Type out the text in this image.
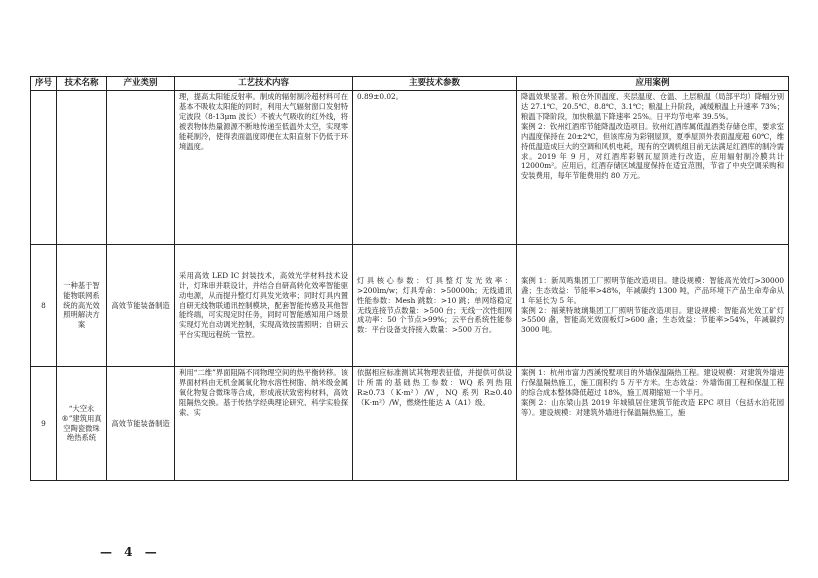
序号	技术名称	产业类别	工艺技术内容	主要技术参数	应用案例
			理，提高太阳能反射率。制成的辐射制冷超材料可在基本不吸收太阳能的同时，利用大气辐射窗口发射特定波段（8-13μm 波长）不被大气吸收的红外线，将被表物体热量源源不断地传递至低温外太空，实现零能耗制冷，使得表面温度即便在太阳直射下仍低于环境温度。	0.89±0.02。	降温效果显著。粮仓外顶温度、夹层温度、仓温、上层粮温（局部平均）降幅分别达 27.1℃、20.5℃、8.8℃、3.1℃；粮温上升阶段，减缓粮温上升速率 73%；粮温下降阶段，加快粮温下降速率 25%。日平均节电率 39.5%。
案例 2：钦州红酒库节能降温改造项目。钦州红酒库属低温酒类存储仓库，要求室内温度保持在 20±2℃，但该库房为彩钢屋顶，夏季屋顶外表面温度超 60℃，维持低温造成巨大的空调和风机电耗，现有的空调机组目前无法满足红酒库的制冷需求。2019 年 9 月，对红酒库彩钢瓦屋顶进行改造，应用辐射制冷膜共计 12000m²。应用后，红酒存储区域温度保持在适宜范围，节省了中央空调采购和安装费用，每年节能费用约 80 万元。
8	一种基于智能物联网系统的高光效照明解决方案	高效节能装备制造	采用高效 LED IC 封装技术，高效光学材料技术设计，灯珠串并联设计，并结合自研高转化效率智能驱动电源，从而提升整灯灯具发光效率；同时灯具内置自研无线物联通讯控制模块，配套智能传感及其他智能终端，可实现定时任务，同时可智能感知用户场景实现灯光自动调光控制，实现高效按需照明；自研云平台实现远程统一管控。	灯具核心参数：灯具整灯发光效率：>200lm/w；灯具寿命：>50000h；无线通讯性能参数：Mesh 跳数：>10 跳；单网络稳定无线连接节点数量：>500 台；无线一次性组网成功率：50 个节点>99%；云平台系统性能参数：平台设备支持接入数量：>500 万台。	案例 1：新凤鸣集团工厂照明节能改造项目。建设规模：智能高光效灯>30000 盏；生态效益：节能率>48%，年减碳约 1300 吨，产品环境下产品生命寿命从 1 年延长为 5 年。
案例 2：福莱特玻璃集团工厂照明节能改造项目。建设规模：智能高光效工矿灯>5500 盏，智能高光效面板灯>600 盏；生态效益：节能率>54%，年减碳约 3000 吨。
9	“大空永®”建筑用真空陶瓷微珠绝热系统	高效节能装备制造	利用“二维”界面阻隔不同物理空间的热平衡转移。该界面材料由无机金属氧化物水溶性树脂、纳米级金属氧化物复合微珠等合成，形成液状致密构材料，高效阻隔热交换。基于传热学经典理论研究、科学实验探索、实	依据相应标准测试其物理表征值，并提供可供设计所需的基础热工参数：WQ 系列热阻 R≥0.73（K·m²）/W，NQ 系列 R≥0.40（K·m²）/W，燃烧性能达 A（A1）级。	案例 1：杭州市富力西溪悦墅项目的外墙保温隔热工程。建设规模：对建筑外墙进行保温隔热施工，施工面积约 5 万平方米。生态效益：外墙饰面工程和保温工程的综合成本整体降低超过 18%，施工周期缩短一个半月。
案例 2：山东梁山县 2019 年城镇居住建筑节能改造 EPC 项目（包括水泊花园等）。建设规模：对建筑外墙进行保温隔热施工，施
— 4 —
